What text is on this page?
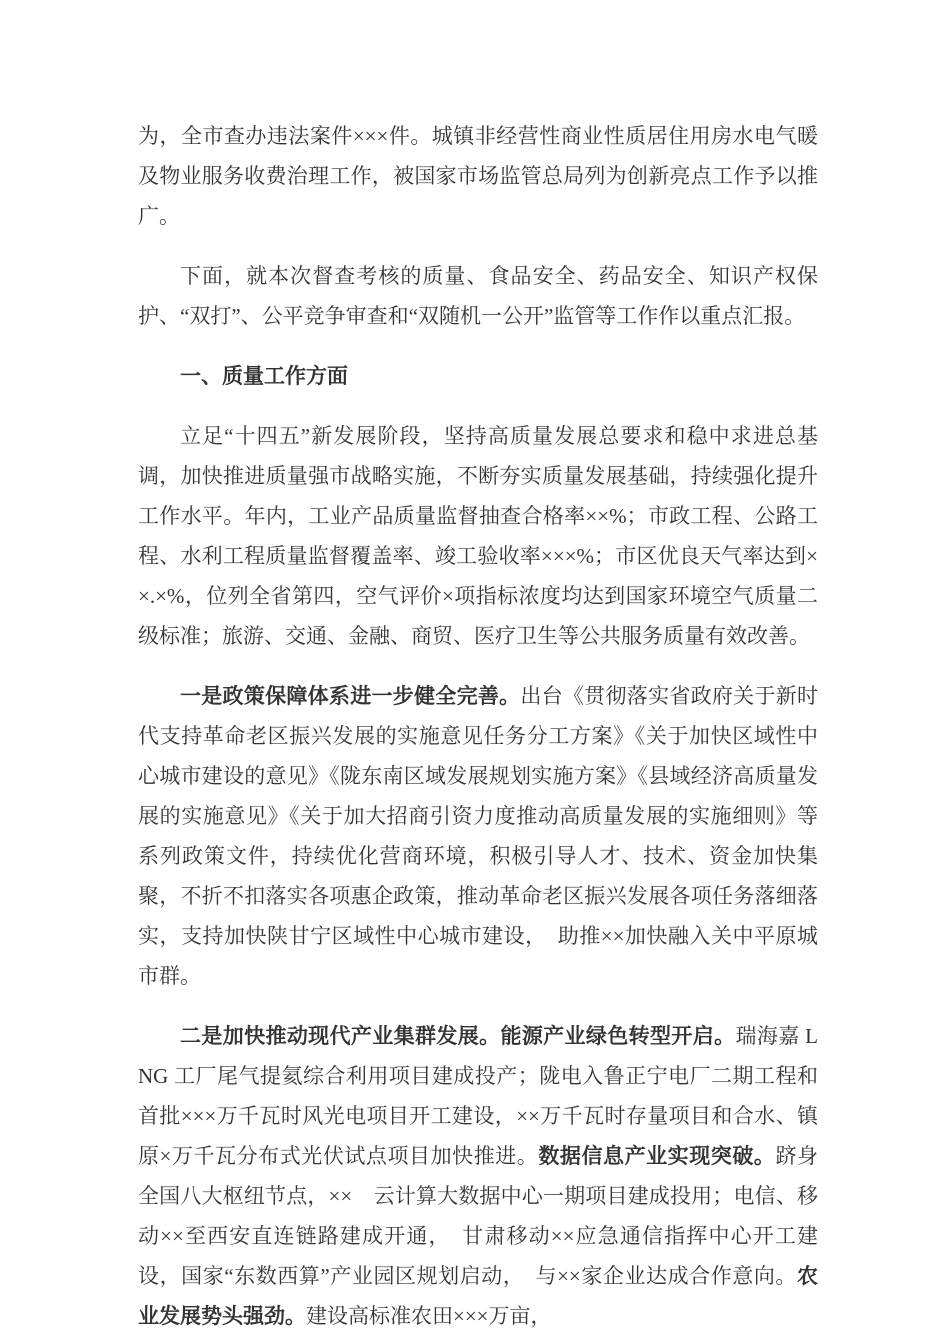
为，全市查办违法案件×××件。城镇非经营性商业性质居住用房水电气暖及物业服务收费治理工作，被国家市场监管总局列为创新亮点工作予以推广。

下面，就本次督查考核的质量、食品安全、药品安全、知识产权保护、“双打”、公平竞争审查和“双随机一公开”监管等工作作以重点汇报。

一、质量工作方面

立足“十四五”新发展阶段，坚持高质量发展总要求和稳中求进总基调，加快推进质量强市战略实施，不断夯实质量发展基础，持续强化提升工作水平。年内，工业产品质量监督抽查合格率××%；市政工程、公路工程、水利工程质量监督覆盖率、竣工验收率×××%；市区优良天气率达到××.×%，位列全省第四，空气评价×项指标浓度均达到国家环境空气质量二级标准；旅游、交通、金融、商贸、医疗卫生等公共服务质量有效改善。

一是政策保障体系进一步健全完善。出台《贯彻落实省政府关于新时代支持革命老区振兴发展的实施意见任务分工方案》《关于加快区域性中心城市建设的意见》《陇东南区域发展规划实施方案》《县域经济高质量发展的实施意见》《关于加大招商引资力度推动高质量发展的实施细则》等系列政策文件，持续优化营商环境，积极引导人才、技术、资金加快集聚，不折不扣落实各项惠企政策，推动革命老区振兴发展各项任务落细落实，支持加快陕甘宁区域性中心城市建设，　助推××加快融入关中平原城市群。

二是加快推动现代产业集群发展。能源产业绿色转型开启。瑞海嘉 LNG 工厂尾气提氦综合利用项目建成投产；陇电入鲁正宁电厂二期工程和首批×××万千瓦时风光电项目开工建设，××万千瓦时存量项目和合水、镇原×万千瓦分布式光伏试点项目加快推进。数据信息产业实现突破。跻身全国八大枢纽节点，××　云计算大数据中心一期项目建成投用；电信、移动××至西安直连链路建成开通，　甘肃移动××应急通信指挥中心开工建设，国家“东数西算”产业园区规划启动，　与××家企业达成合作意向。农业发展势头强劲。建设高标准农田×××万亩，
